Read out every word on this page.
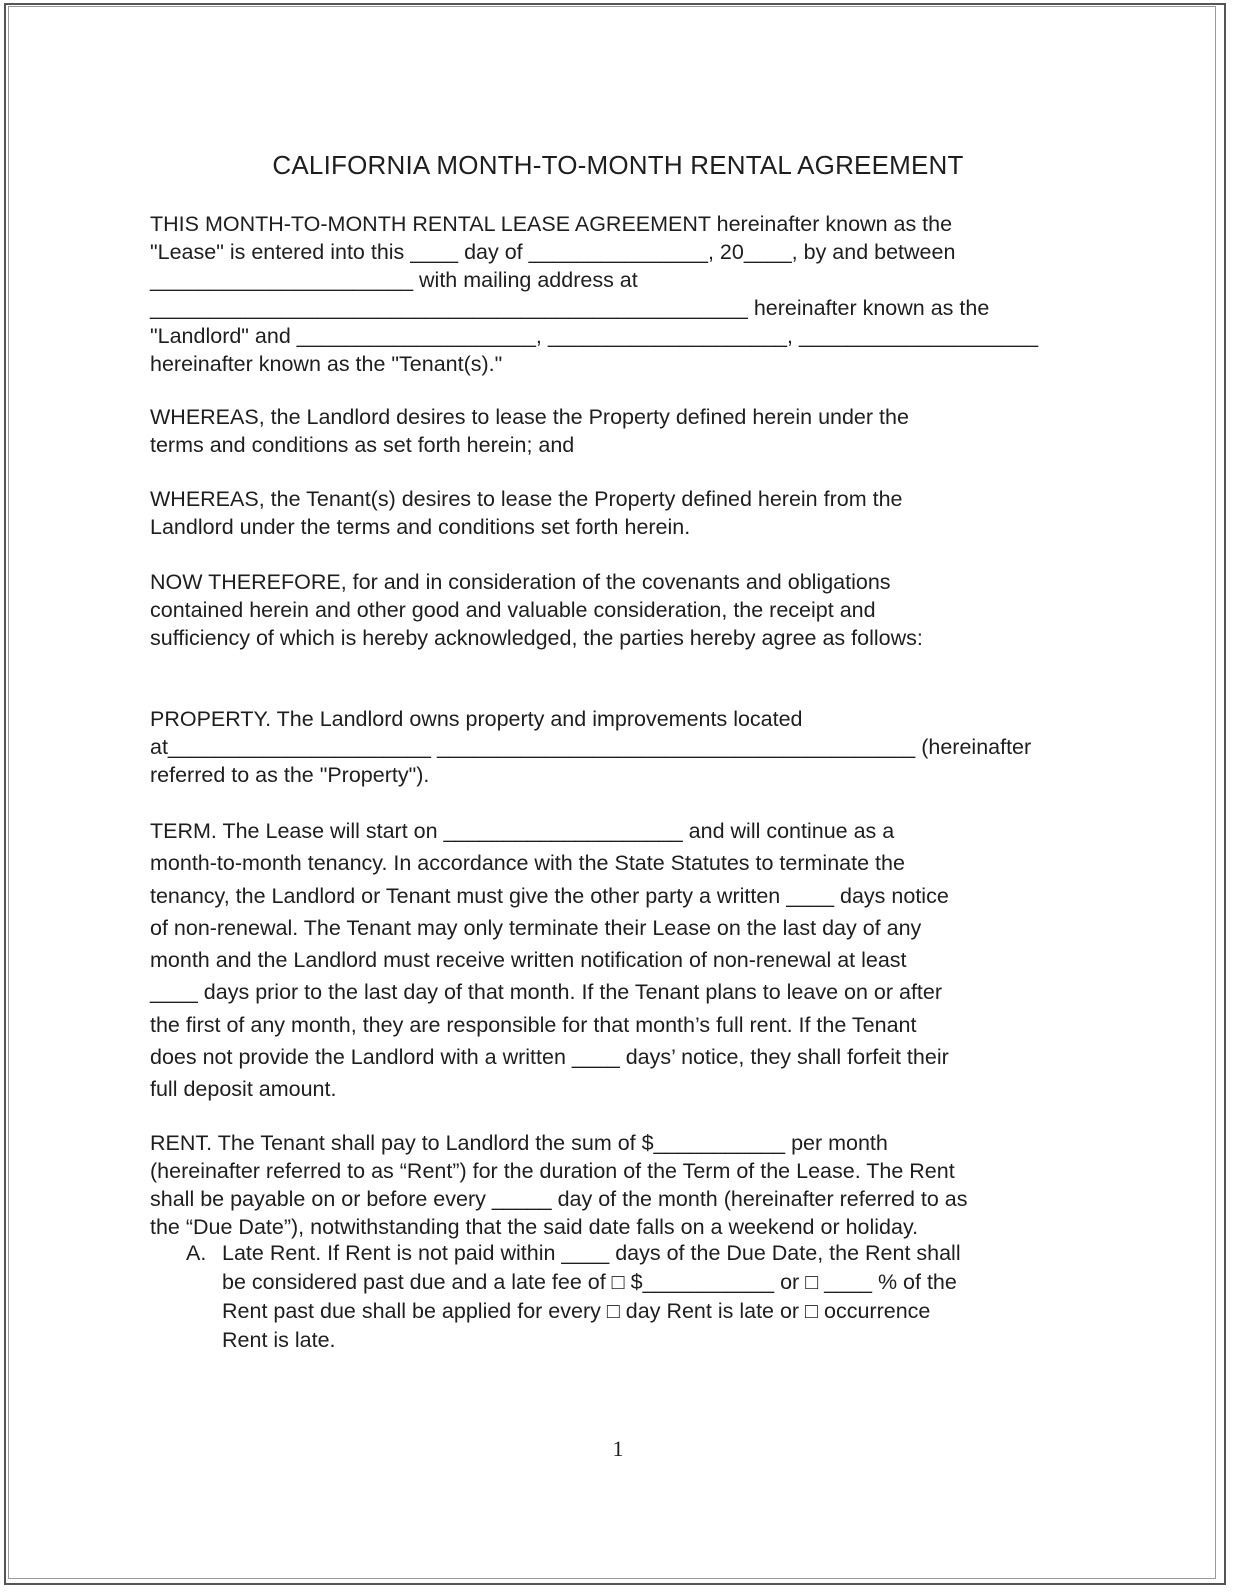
CALIFORNIA MONTH-TO-MONTH RENTAL AGREEMENT

THIS MONTH-TO-MONTH RENTAL LEASE AGREEMENT hereinafter known as the
"Lease" is entered into this ____ day of _______________, 20____, by and between
______________________ with mailing address at
__________________________________________________ hereinafter known as the
"Landlord" and ____________________, ____________________, ____________________
hereinafter known as the "Tenant(s)."

WHEREAS, the Landlord desires to lease the Property defined herein under the
terms and conditions as set forth herein; and

WHEREAS, the Tenant(s) desires to lease the Property defined herein from the
Landlord under the terms and conditions set forth herein.

NOW THEREFORE, for and in consideration of the covenants and obligations
contained herein and other good and valuable consideration, the receipt and
sufficiency of which is hereby acknowledged, the parties hereby agree as follows:

PROPERTY. The Landlord owns property and improvements located
at______________________ ________________________________________ (hereinafter
referred to as the "Property").

TERM. The Lease will start on ____________________ and will continue as a
month-to-month tenancy. In accordance with the State Statutes to terminate the
tenancy, the Landlord or Tenant must give the other party a written ____ days notice
of non-renewal. The Tenant may only terminate their Lease on the last day of any
month and the Landlord must receive written notification of non-renewal at least
____ days prior to the last day of that month. If the Tenant plans to leave on or after
the first of any month, they are responsible for that month’s full rent. If the Tenant
does not provide the Landlord with a written ____ days’ notice, they shall forfeit their
full deposit amount.

RENT. The Tenant shall pay to Landlord the sum of $___________ per month
(hereinafter referred to as “Rent”) for the duration of the Term of the Lease. The Rent
shall be payable on or before every _____ day of the month (hereinafter referred to as
the “Due Date”), notwithstanding that the said date falls on a weekend or holiday.

A. Late Rent. If Rent is not paid within ____ days of the Due Date, the Rent shall
be considered past due and a late fee of □ $___________ or □ ____ % of the
Rent past due shall be applied for every □ day Rent is late or □ occurrence
Rent is late.

1
